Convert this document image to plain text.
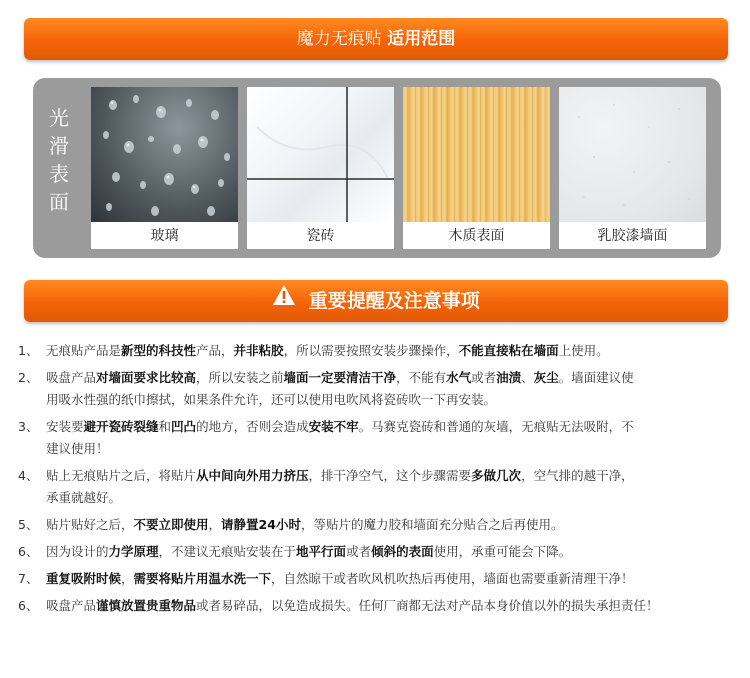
魔力无痕贴 适用范围
光
滑
表
面
玻璃	瓷砖	木质表面	乳胶漆墙面
重要提醒及注意事项
1、 无痕贴产品是新型的科技性产品，并非粘胶，所以需要按照安装步骤操作，不能直接粘在墙面上使用。
2、 吸盘产品对墙面要求比较高，所以安装之前墙面一定要清洁干净，不能有水气或者油渍、灰尘。墙面建议使
用吸水性强的纸巾擦拭，如果条件允许，还可以使用电吹风将瓷砖吹一下再安装。
3、 安装要避开瓷砖裂缝和凹凸的地方，否则会造成安装不牢。马赛克瓷砖和普通的灰墙，无痕贴无法吸附，不
建议使用！
4、 贴上无痕贴片之后，将贴片从中间向外用力挤压，排干净空气，这个步骤需要多做几次，空气排的越干净，
承重就越好。
5、 贴片贴好之后，不要立即使用，请静置24小时，等贴片的魔力胶和墙面充分贴合之后再使用。
6、 因为设计的力学原理，不建议无痕贴安装在于地平行面或者倾斜的表面使用，承重可能会下降。
7、 重复吸附时候，需要将贴片用温水洗一下，自然晾干或者吹风机吹热后再使用，墙面也需要重新清理干净！
6、 吸盘产品谨慎放置贵重物品或者易碎品，以免造成损失。任何厂商都无法对产品本身价值以外的损失承担责任！
